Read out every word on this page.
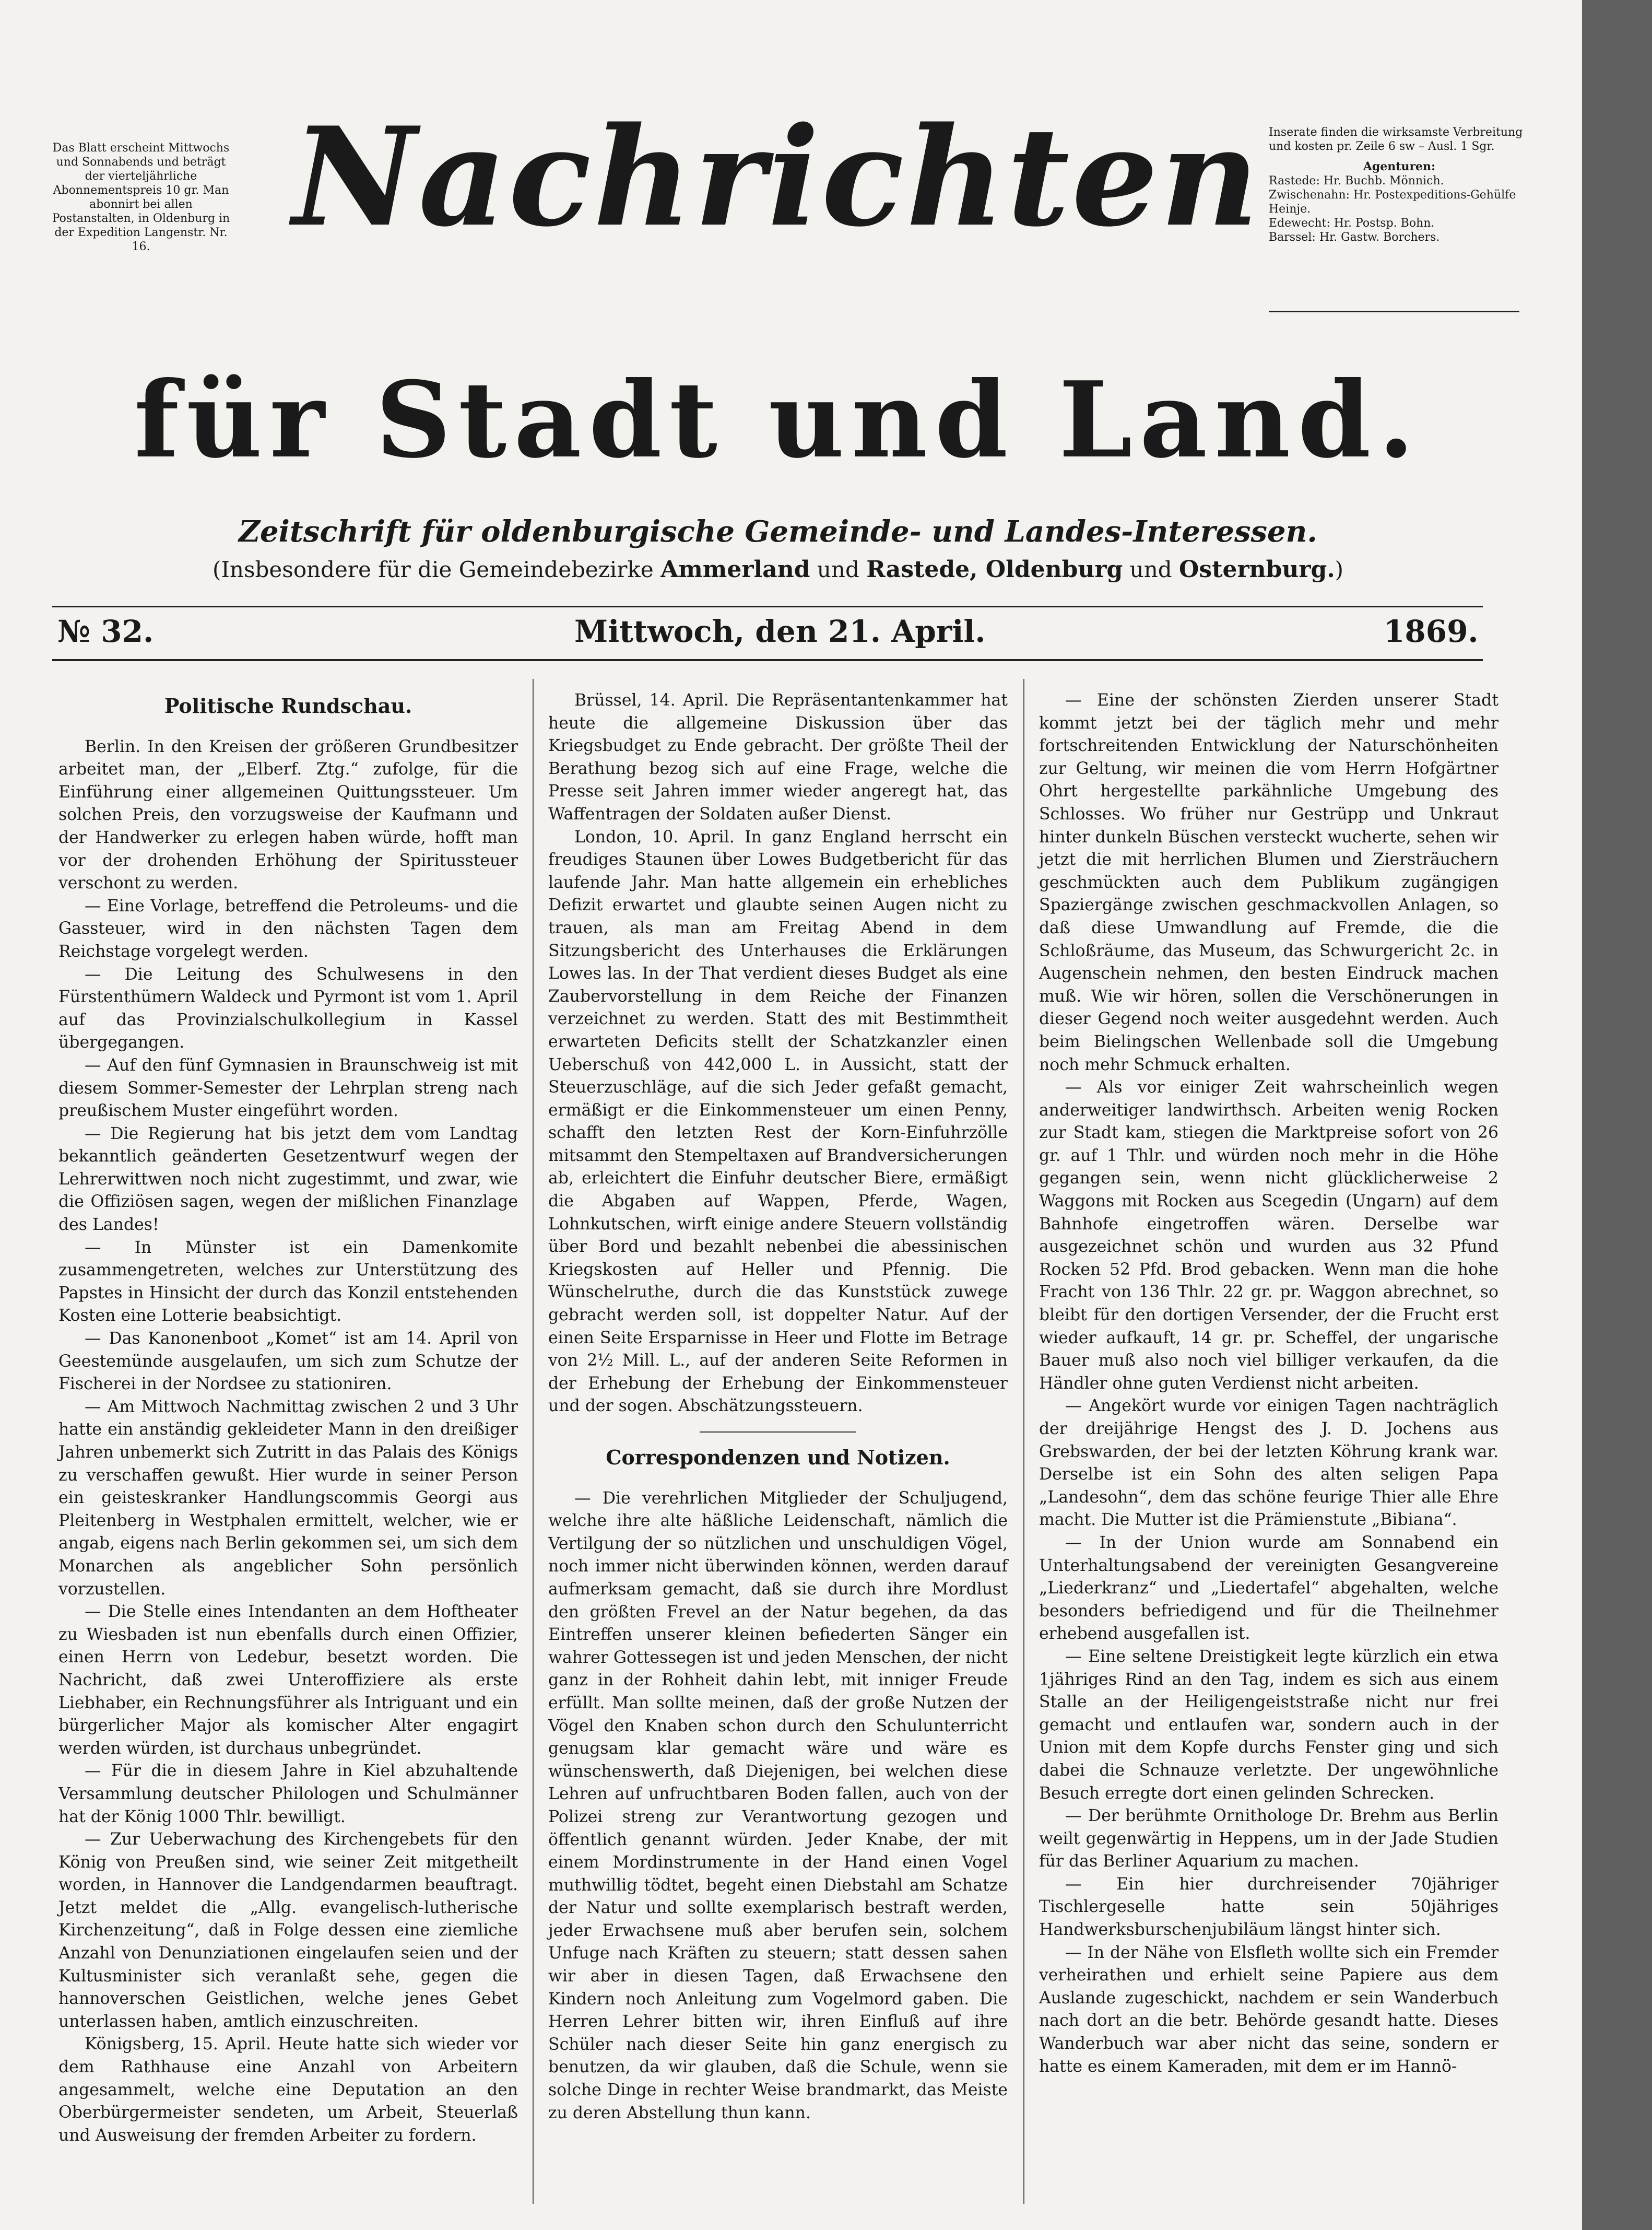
Das Blatt erscheint Mittwochs und Sonnabends und beträgt der vierteljährliche Abonnementspreis 10 gr. Man abonnirt bei allen Postanstalten, in Oldenburg in der Expedition Langenstr. Nr. 16.	Nachrichten Inserate finden die wirksamste Verbreitung und kosten pr. Zeile 6 sw – Ausl. 1 Sgr.
Agenturen:
Rastede: Hr. Buchb. Mönnich.
Zwischenahn: Hr. Postexpeditions-Gehülfe Heinje.
Edewecht: Hr. Postsp. Bohn.
Barssel: Hr. Gastw. Borchers.
für Stadt und Land.
Zeitschrift für oldenburgische Gemeinde- und Landes-Interessen.
(Insbesondere für die Gemeindebezirke Ammerland und Rastede, Oldenburg und Osternburg.)
№ 32.	Mittwoch, den 21. April.	1869.

Politische Rundschau.

Berlin. In den Kreisen der größeren Grundbesitzer arbeitet man, der „Elberf. Ztg.“ zufolge, für die Einführung einer allgemeinen Quittungssteuer. Um solchen Preis, den vorzugsweise der Kaufmann und der Handwerker zu erlegen haben würde, hofft man vor der drohenden Erhöhung der Spiritussteuer verschont zu werden.

— Eine Vorlage, betreffend die Petroleums- und die Gassteuer, wird in den nächsten Tagen dem Reichstage vorgelegt werden.

— Die Leitung des Schulwesens in den Fürstenthümern Waldeck und Pyrmont ist vom 1. April auf das Provinzialschulkollegium in Kassel übergegangen.

— Auf den fünf Gymnasien in Braunschweig ist mit diesem Sommer-Semester der Lehrplan streng nach preußischem Muster eingeführt worden.

— Die Regierung hat bis jetzt dem vom Landtag bekanntlich geänderten Gesetzentwurf wegen der Lehrerwittwen noch nicht zugestimmt, und zwar, wie die Offiziösen sagen, wegen der mißlichen Finanzlage des Landes!

— In Münster ist ein Damenkomite zusammengetreten, welches zur Unterstützung des Papstes in Hinsicht der durch das Konzil entstehenden Kosten eine Lotterie beabsichtigt.

— Das Kanonenboot „Komet“ ist am 14. April von Geestemünde ausgelaufen, um sich zum Schutze der Fischerei in der Nordsee zu stationiren.

— Am Mittwoch Nachmittag zwischen 2 und 3 Uhr hatte ein anständig gekleideter Mann in den dreißiger Jahren unbemerkt sich Zutritt in das Palais des Königs zu verschaffen gewußt. Hier wurde in seiner Person ein geisteskranker Handlungscommis Georgi aus Pleitenberg in Westphalen ermittelt, welcher, wie er angab, eigens nach Berlin gekommen sei, um sich dem Monarchen als angeblicher Sohn persönlich vorzustellen.

— Die Stelle eines Intendanten an dem Hoftheater zu Wiesbaden ist nun ebenfalls durch einen Offizier, einen Herrn von Ledebur, besetzt worden. Die Nachricht, daß zwei Unteroffiziere als erste Liebhaber, ein Rechnungsführer als Intriguant und ein bürgerlicher Major als komischer Alter engagirt werden würden, ist durchaus unbegründet.

— Für die in diesem Jahre in Kiel abzuhaltende Versammlung deutscher Philologen und Schulmänner hat der König 1000 Thlr. bewilligt.

— Zur Ueberwachung des Kirchengebets für den König von Preußen sind, wie seiner Zeit mitgetheilt worden, in Hannover die Landgendarmen beauftragt. Jetzt meldet die „Allg. evangelisch-lutherische Kirchenzeitung“, daß in Folge dessen eine ziemliche Anzahl von Denunziationen eingelaufen seien und der Kultusminister sich veranlaßt sehe, gegen die hannoverschen Geistlichen, welche jenes Gebet unterlassen haben, amtlich einzuschreiten.

Königsberg, 15. April. Heute hatte sich wieder vor dem Rathhause eine Anzahl von Arbeitern angesammelt, welche eine Deputation an den Oberbürgermeister sendeten, um Arbeit, Steuerlaß und Ausweisung der fremden Arbeiter zu fordern.

Brüssel, 14. April. Die Repräsentantenkammer hat heute die allgemeine Diskussion über das Kriegsbudget zu Ende gebracht. Der größte Theil der Berathung bezog sich auf eine Frage, welche die Presse seit Jahren immer wieder angeregt hat, das Waffentragen der Soldaten außer Dienst.

London, 10. April. In ganz England herrscht ein freudiges Staunen über Lowes Budgetbericht für das laufende Jahr. Man hatte allgemein ein erhebliches Defizit erwartet und glaubte seinen Augen nicht zu trauen, als man am Freitag Abend in dem Sitzungsbericht des Unterhauses die Erklärungen Lowes las. In der That verdient dieses Budget als eine Zaubervorstellung in dem Reiche der Finanzen verzeichnet zu werden. Statt des mit Bestimmtheit erwarteten Deficits stellt der Schatzkanzler einen Ueberschuß von 442,000 L. in Aussicht, statt der Steuerzuschläge, auf die sich Jeder gefaßt gemacht, ermäßigt er die Einkommensteuer um einen Penny, schafft den letzten Rest der Korn-Einfuhrzölle mitsammt den Stempeltaxen auf Brandversicherungen ab, erleichtert die Einfuhr deutscher Biere, ermäßigt die Abgaben auf Wappen, Pferde, Wagen, Lohnkutschen, wirft einige andere Steuern vollständig über Bord und bezahlt nebenbei die abessinischen Kriegskosten auf Heller und Pfennig. Die Wünschelruthe, durch die das Kunststück zuwege gebracht werden soll, ist doppelter Natur. Auf der einen Seite Ersparnisse in Heer und Flotte im Betrage von 2½ Mill. L., auf der anderen Seite Reformen in der Erhebung der Erhebung der Einkommensteuer und der sogen. Abschätzungssteuern.

Correspondenzen und Notizen.

— Die verehrlichen Mitglieder der Schuljugend, welche ihre alte häßliche Leidenschaft, nämlich die Vertilgung der so nützlichen und unschuldigen Vögel, noch immer nicht überwinden können, werden darauf aufmerksam gemacht, daß sie durch ihre Mordlust den größten Frevel an der Natur begehen, da das Eintreffen unserer kleinen befiederten Sänger ein wahrer Gottessegen ist und jeden Menschen, der nicht ganz in der Rohheit dahin lebt, mit inniger Freude erfüllt. Man sollte meinen, daß der große Nutzen der Vögel den Knaben schon durch den Schulunterricht genugsam klar gemacht wäre und wäre es wünschenswerth, daß Diejenigen, bei welchen diese Lehren auf unfruchtbaren Boden fallen, auch von der Polizei streng zur Verantwortung gezogen und öffentlich genannt würden. Jeder Knabe, der mit einem Mordinstrumente in der Hand einen Vogel muthwillig tödtet, begeht einen Diebstahl am Schatze der Natur und sollte exemplarisch bestraft werden, jeder Erwachsene muß aber berufen sein, solchem Unfuge nach Kräften zu steuern; statt dessen sahen wir aber in diesen Tagen, daß Erwachsene den Kindern noch Anleitung zum Vogelmord gaben. Die Herren Lehrer bitten wir, ihren Einfluß auf ihre Schüler nach dieser Seite hin ganz energisch zu benutzen, da wir glauben, daß die Schule, wenn sie solche Dinge in rechter Weise brandmarkt, das Meiste zu deren Abstellung thun kann.

— Eine der schönsten Zierden unserer Stadt kommt jetzt bei der täglich mehr und mehr fortschreitenden Entwicklung der Naturschönheiten zur Geltung, wir meinen die vom Herrn Hofgärtner Ohrt hergestellte parkähnliche Umgebung des Schlosses. Wo früher nur Gestrüpp und Unkraut hinter dunkeln Büschen versteckt wucherte, sehen wir jetzt die mit herrlichen Blumen und Ziersträuchern geschmückten auch dem Publikum zugängigen Spaziergänge zwischen geschmackvollen Anlagen, so daß diese Umwandlung auf Fremde, die die Schloßräume, das Museum, das Schwurgericht 2c. in Augenschein nehmen, den besten Eindruck machen muß. Wie wir hören, sollen die Verschönerungen in dieser Gegend noch weiter ausgedehnt werden. Auch beim Bielingschen Wellenbade soll die Umgebung noch mehr Schmuck erhalten.

— Als vor einiger Zeit wahrscheinlich wegen anderweitiger landwirthsch. Arbeiten wenig Rocken zur Stadt kam, stiegen die Marktpreise sofort von 26 gr. auf 1 Thlr. und würden noch mehr in die Höhe gegangen sein, wenn nicht glücklicherweise 2 Waggons mit Rocken aus Scegedin (Ungarn) auf dem Bahnhofe eingetroffen wären. Derselbe war ausgezeichnet schön und wurden aus 32 Pfund Rocken 52 Pfd. Brod gebacken. Wenn man die hohe Fracht von 136 Thlr. 22 gr. pr. Waggon abrechnet, so bleibt für den dortigen Versender, der die Frucht erst wieder aufkauft, 14 gr. pr. Scheffel, der ungarische Bauer muß also noch viel billiger verkaufen, da die Händler ohne guten Verdienst nicht arbeiten.

— Angekört wurde vor einigen Tagen nachträglich der dreijährige Hengst des J. D. Jochens aus Grebswarden, der bei der letzten Köhrung krank war. Derselbe ist ein Sohn des alten seligen Papa „Landesohn“, dem das schöne feurige Thier alle Ehre macht. Die Mutter ist die Prämienstute „Bibiana“.

— In der Union wurde am Sonnabend ein Unterhaltungsabend der vereinigten Gesangvereine „Liederkranz“ und „Liedertafel“ abgehalten, welche besonders befriedigend und für die Theilnehmer erhebend ausgefallen ist.

— Eine seltene Dreistigkeit legte kürzlich ein etwa 1jähriges Rind an den Tag, indem es sich aus einem Stalle an der Heiligengeiststraße nicht nur frei gemacht und entlaufen war, sondern auch in der Union mit dem Kopfe durchs Fenster ging und sich dabei die Schnauze verletzte. Der ungewöhnliche Besuch erregte dort einen gelinden Schrecken.

— Der berühmte Ornithologe Dr. Brehm aus Berlin weilt gegenwärtig in Heppens, um in der Jade Studien für das Berliner Aquarium zu machen.

— Ein hier durchreisender 70jähriger Tischlergeselle hatte sein 50jähriges Handwerksburschenjubiläum längst hinter sich.

— In der Nähe von Elsfleth wollte sich ein Fremder verheirathen und erhielt seine Papiere aus dem Auslande zugeschickt, nachdem er sein Wanderbuch nach dort an die betr. Behörde gesandt hatte. Dieses Wanderbuch war aber nicht das seine, sondern er hatte es einem Kameraden, mit dem er im Hannö-
